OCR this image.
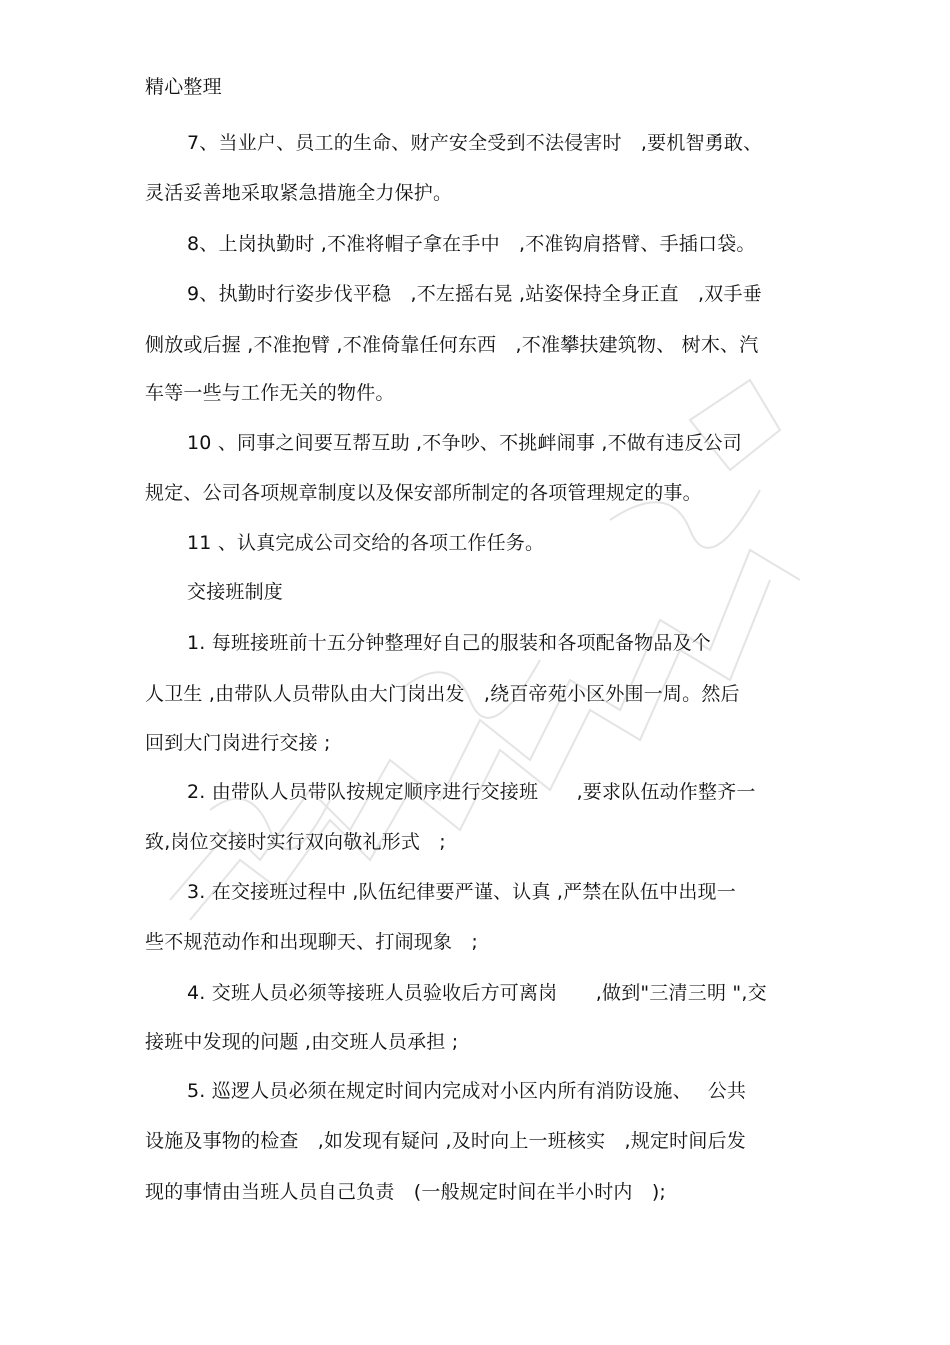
精心整理
7、当业户、员工的生命、财产安全受到不法侵害时　,要机智勇敢、
灵活妥善地采取紧急措施全力保护。
8、上岗执勤时 ,不准将帽子拿在手中　,不准钩肩搭臂、手插口袋。
9、执勤时行姿步伐平稳　,不左摇右晃 ,站姿保持全身正直　,双手垂
侧放或后握 ,不准抱臂 ,不准倚靠任何东西　,不准攀扶建筑物、 树木、汽
车等一些与工作无关的物件。
10 、同事之间要互帮互助 ,不争吵、不挑衅闹事 ,不做有违反公司
规定、公司各项规章制度以及保安部所制定的各项管理规定的事。
11 、认真完成公司交给的各项工作任务。
交接班制度
1. 每班接班前十五分钟整理好自己的服装和各项配备物品及个
人卫生 ,由带队人员带队由大门岗出发　,绕百帝苑小区外围一周。然后
回到大门岗进行交接 ;
2. 由带队人员带队按规定顺序进行交接班　　,要求队伍动作整齐一
致,岗位交接时实行双向敬礼形式　;
3. 在交接班过程中 ,队伍纪律要严谨、认真 ,严禁在队伍中出现一
些不规范动作和出现聊天、打闹现象　;
4. 交班人员必须等接班人员验收后方可离岗　　,做到"三清三明 ",交
接班中发现的问题 ,由交班人员承担 ;
5. 巡逻人员必须在规定时间内完成对小区内所有消防设施、　 公共
设施及事物的检查　,如发现有疑问 ,及时向上一班核实　,规定时间后发
现的事情由当班人员自己负责　(一般规定时间在半小时内　);
